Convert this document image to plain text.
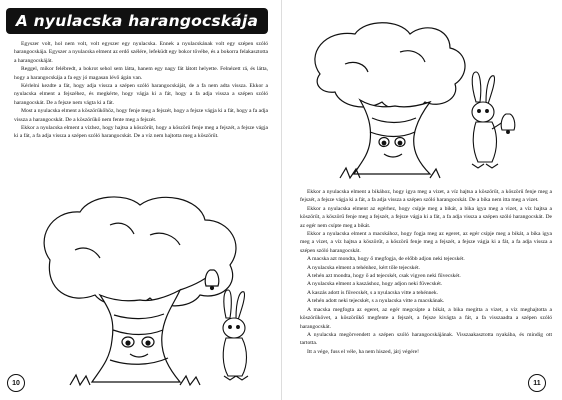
A nyulacska harangocskája

Egyszer volt, hol nem volt, volt egyszer egy nyulacska. Ennek a nyulacskának volt egy szépen szóló harangocskája. Egyszer a nyulacska elment az erdő szélére, lefeküdt egy bokor tövébe, és a bokorra felakasztotta a harangocskáját.

Reggel, mikor felébredt, a bokrot sehol sem látta, hanem egy nagy fát látott helyette. Felnézett rá, és látta, hogy a harangocskája a fa egy jó magasan lévő ágán van.

Kérlelni kezdte a fát, hogy adja vissza a szépen szóló harangocskáját, de a fa nem adta vissza. Ekkor a nyulacska elment a fejszéhez, és megkérte, hogy vágja ki a fát, hogy a fa adja vissza a szépen szóló harangocskát. De a fejsze nem vágta ki a fát.

Most a nyulacska elment a köszörűkőhöz, hogy fenje meg a fejszét, hogy a fejsze vágja ki a fát, hogy a fa adja vissza a harangocskát. De a köszörűkő nem fente meg a fejszét.

Ekkor a nyulacska elment a vízhez, hogy hajtsa a köszörűt, hogy a köszörű fenje meg a fejszét, a fejsze vágja ki a fát, a fa adja vissza a szépen szóló harangocskát. De a víz nem hajtotta meg a köszörűt.

10

Ekkor a nyulacska elment a bikához, hogy igya meg a vizet, a víz hajtsa a köszörűt, a köszörű fenje meg a fejszét, a fejsze vágja ki a fát, a fa adja vissza a szépen szóló harangocskát. De a bika nem itta meg a vizet.

Ekkor a nyulacska elment az egérhez, hogy csípje meg a bikát, a bika igya meg a vizet, a víz hajtsa a köszörűt, a köszörű fenje meg a fejszét, a fejsze vágja ki a fát, a fa adja vissza a szépen szóló harangocskát. De az egér nem csípte meg a bikát.

Ekkor a nyulacska elment a macskához, hogy fogja meg az egeret, az egér csípje meg a bikát, a bika igya meg a vizet, a víz hajtsa a köszörűt, a köszörű fenje meg a fejszét, a fejsze vágja ki a fát, a fa adja vissza a szépen szóló harangocskát.

A macska azt mondta, hogy ő megfogja, de előbb adjon neki tejecskét.

A nyulacska elment a tehénhez, kért tőle tejecskét.

A tehén azt mondta, hogy ő ad tejecskét, csak vigyen neki fűvecskét.

A nyulacska elment a kaszáshoz, hogy adjon neki fűvecskét.

A kaszás adott is fűvecskét, s a nyulacska vitte a tehénnek.

A tehén adott neki tejecskét, s a nyulacska vitte a macskának.

A macska megfogta az egeret, az egér megcsípte a bikát, a bika megitta a vizet, a víz meghajtotta a köszörűkövet, a köszörűkő megfente a fejszét, a fejsze kivágta a fát, a fa visszaadta a szépen szóló harangocskát.

A nyulacska megörvendett a szépen szóló harangocskájának. Visszaakasztotta nyakába, és mindig ott tartotta.

Itt a vége, fuss el véle, ha nem hiszed, járj végére!

11
